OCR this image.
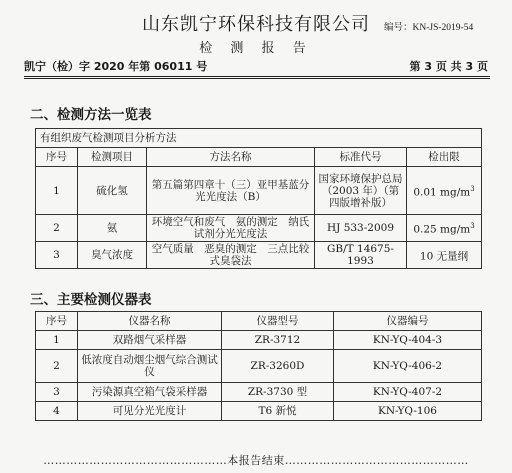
山东凯宁环保科技有限公司	编号：KN-JS-2019-54
检 测 报 告
凯宁（检）字 2020 年第 06011 号	第 3 页 共 3 页
二、检测方法一览表
有组织废气检测项目分析方法				
序号	检测项目	方法名称	标准代号	检出限
1	硫化氢	第五篇第四章十（三）亚甲基蓝分光光度法（B）	国家环境保护总局（2003 年）（第四版增补版）	0.01 $mg/m^3$
2	氨	环境空气和废气　氨的测定　纳氏试剂分光光度法	HJ 533-2009	0.25 $mg/m^3$
3	臭气浓度	空气质量　恶臭的测定　三点比较式臭袋法	GB/T 14675-1993	10 无量纲
三、主要检测仪器表
序号	仪器名称	仪器型号	仪器编号
1	双路烟气采样器	ZR-3712	KN-YQ-404-3
2	低浓度自动烟尘烟气综合测试仪	ZR-3260D	KN-YQ-406-2
3	污染源真空箱气袋采样器	ZR-3730 型	KN-YQ-407-2
4	可见分光光度计	T6 新悦	KN-YQ-106
…………………………………………本报告结束…………………………………………
